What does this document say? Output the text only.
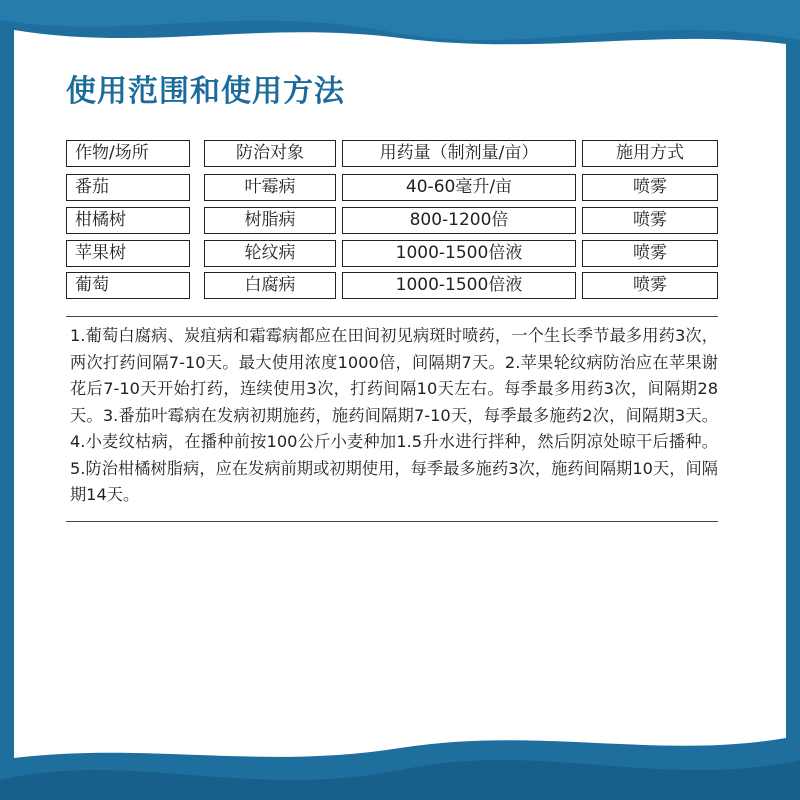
使用范围和使用方法
作物/场所	防治对象	用药量（制剂量/亩）	施用方式
番茄	叶霉病	40-60毫升/亩	喷雾
柑橘树	树脂病	800-1200倍	喷雾
苹果树	轮纹病	1000-1500倍液	喷雾
葡萄	白腐病	1000-1500倍液	喷雾
1.葡萄白腐病、炭疽病和霜霉病都应在田间初见病斑时喷药，一个生长季节最多用药3次，两次打药间隔7-10天。最大使用浓度1000倍，间隔期7天。2.苹果轮纹病防治应在苹果谢花后7-10天开始打药，连续使用3次，打药间隔10天左右。每季最多用药3次，间隔期28天。3.番茄叶霉病在发病初期施药，施药间隔期7-10天，每季最多施药2次，间隔期3天。4.小麦纹枯病，在播种前按100公斤小麦种加1.5升水进行拌种，然后阴凉处晾干后播种。5.防治柑橘树脂病，应在发病前期或初期使用，每季最多施药3次，施药间隔期10天，间隔期14天。
